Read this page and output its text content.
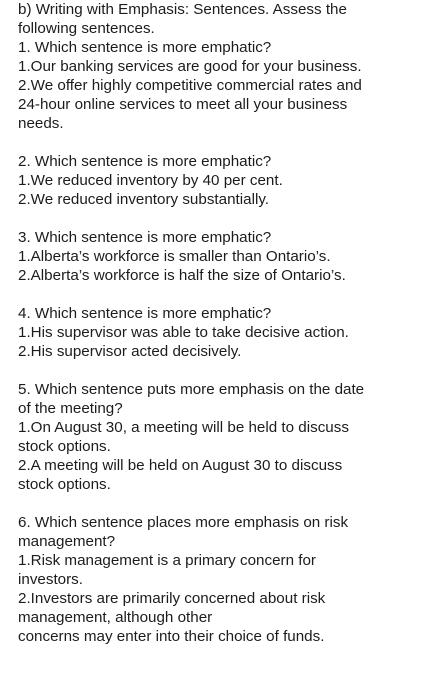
b) Writing with Emphasis: Sentences. Assess the
following sentences.
1. Which sentence is more emphatic?
1.Our banking services are good for your business.
2.We offer highly competitive commercial rates and
24-hour online services to meet all your business
needs.
2. Which sentence is more emphatic?
1.We reduced inventory by 40 per cent.
2.We reduced inventory substantially.
3. Which sentence is more emphatic?
1.Alberta’s workforce is smaller than Ontario’s.
2.Alberta’s workforce is half the size of Ontario’s.
4. Which sentence is more emphatic?
1.His supervisor was able to take decisive action.
2.His supervisor acted decisively.
5. Which sentence puts more emphasis on the date
of the meeting?
1.On August 30, a meeting will be held to discuss
stock options.
2.A meeting will be held on August 30 to discuss
stock options.
6. Which sentence places more emphasis on risk
management?
1.Risk management is a primary concern for
investors.
2.Investors are primarily concerned about risk
management, although other
concerns may enter into their choice of funds.
